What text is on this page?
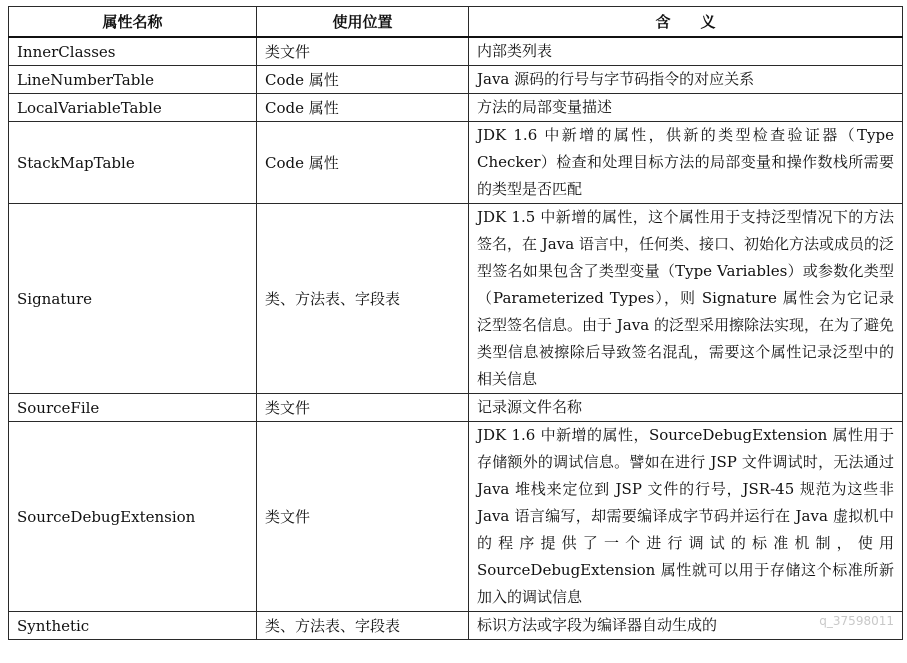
属性名称	使用位置	含　　义
InnerClasses	类文件	内部类列表
LineNumberTable	Code 属性	Java 源码的行号与字节码指令的对应关系
LocalVariableTable	Code 属性	方法的局部变量描述
StackMapTable	Code 属性	JDK 1.6 中新增的属性，供新的类型检查验证器（Type Checker）检查和处理目标方法的局部变量和操作数栈所需要的类型是否匹配
Signature	类、方法表、字段表	JDK 1.5 中新增的属性，这个属性用于支持泛型情况下的方法签名，在 Java 语言中，任何类、接口、初始化方法或成员的泛型签名如果包含了类型变量（Type Variables）或参数化类型（Parameterized Types），则 Signature 属性会为它记录泛型签名信息。由于 Java 的泛型采用擦除法实现，在为了避免类型信息被擦除后导致签名混乱，需要这个属性记录泛型中的相关信息
SourceFile	类文件	记录源文件名称
SourceDebugExtension	类文件	JDK 1.6 中新增的属性，SourceDebugExtension 属性用于存储额外的调试信息。譬如在进行 JSP 文件调试时，无法通过 Java 堆栈来定位到 JSP 文件的行号，JSR-45 规范为这些非 Java 语言编写，却需要编译成字节码并运行在 Java 虚拟机中的程序提供了一个进行调试的标准机制，使用 SourceDebugExtension 属性就可以用于存储这个标准所新加入的调试信息
Synthetic	类、方法表、字段表	标识方法或字段为编译器自动生成的 q_37598011
